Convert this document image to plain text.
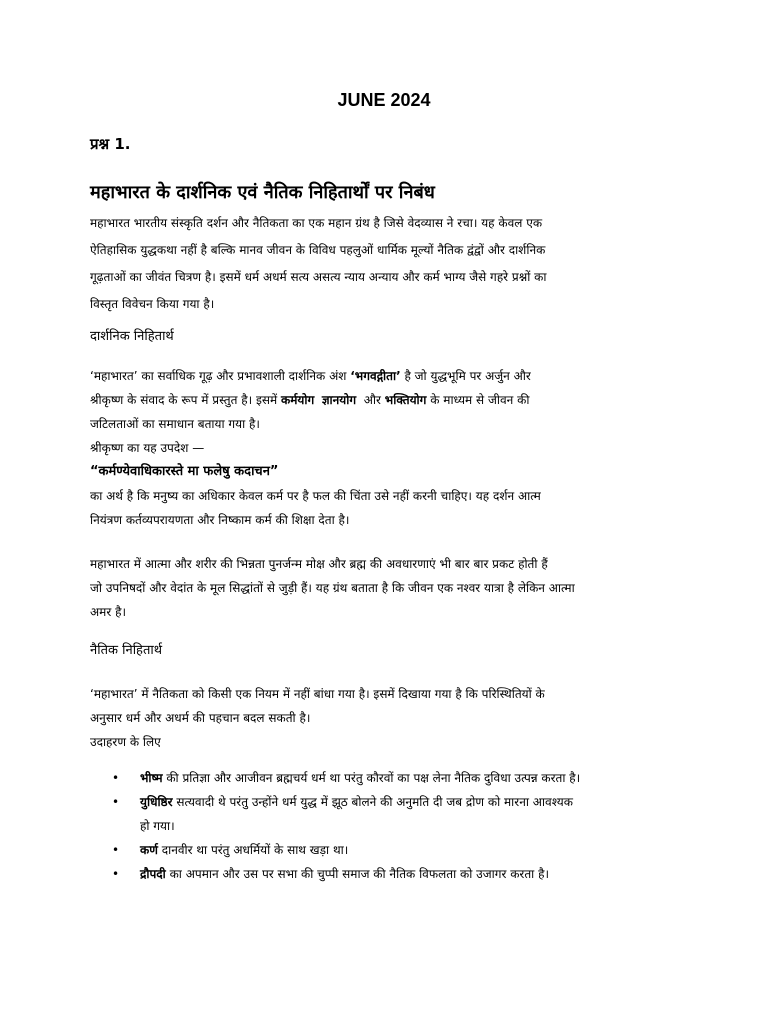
JUNE 2024
प्रश्न 1.
महाभारत के दार्शनिक एवं नैतिक निहितार्थों पर निबंध
महाभारत भारतीय संस्कृति दर्शन और नैतिकता का एक महान ग्रंथ है जिसे वेदव्यास ने रचा। यह केवल एक
ऐतिहासिक युद्धकथा नहीं है बल्कि मानव जीवन के विविध पहलुओं धार्मिक मूल्यों नैतिक द्वंद्वों और दार्शनिक
गूढ़ताओं का जीवंत चित्रण है। इसमें धर्म अधर्म सत्य असत्य न्याय अन्याय और कर्म भाग्य जैसे गहरे प्रश्नों का
विस्तृत विवेचन किया गया है।
दार्शनिक निहितार्थ
‘महाभारत’ का सर्वाधिक गूढ़ और प्रभावशाली दार्शनिक अंश ‘भगवद्गीता’ है जो युद्धभूमि पर अर्जुन और
श्रीकृष्ण के संवाद के रूप में प्रस्तुत है। इसमें कर्मयोग ज्ञानयोग  और भक्तियोग के माध्यम से जीवन की
जटिलताओं का समाधान बताया गया है।
श्रीकृष्ण का यह उपदेश —
“कर्मण्येवाधिकारस्ते मा फलेषु कदाचन”
का अर्थ है कि मनुष्य का अधिकार केवल कर्म पर है फल की चिंता उसे नहीं करनी चाहिए। यह दर्शन आत्म
नियंत्रण कर्तव्यपरायणता और निष्काम कर्म की शिक्षा देता है।
महाभारत में आत्मा और शरीर की भिन्नता पुनर्जन्म मोक्ष और ब्रह्म की अवधारणाएं भी बार बार प्रकट होती हैं
जो उपनिषदों और वेदांत के मूल सिद्धांतों से जुड़ी हैं। यह ग्रंथ बताता है कि जीवन एक नश्वर यात्रा है लेकिन आत्मा
अमर है।
नैतिक निहितार्थ
‘महाभारत’ में नैतिकता को किसी एक नियम में नहीं बांधा गया है। इसमें दिखाया गया है कि परिस्थितियों के
अनुसार धर्म और अधर्म की पहचान बदल सकती है।
उदाहरण के लिए
• भीष्म की प्रतिज्ञा और आजीवन ब्रह्मचर्य धर्म था परंतु कौरवों का पक्ष लेना नैतिक दुविधा उत्पन्न करता है।
• युधिष्ठिर सत्यवादी थे परंतु उन्होंने धर्म युद्ध में झूठ बोलने की अनुमति दी जब द्रोण को मारना आवश्यक
हो गया।
• कर्ण दानवीर था परंतु अधर्मियों के साथ खड़ा था।
• द्रौपदी का अपमान और उस पर सभा की चुप्पी समाज की नैतिक विफलता को उजागर करता है।
